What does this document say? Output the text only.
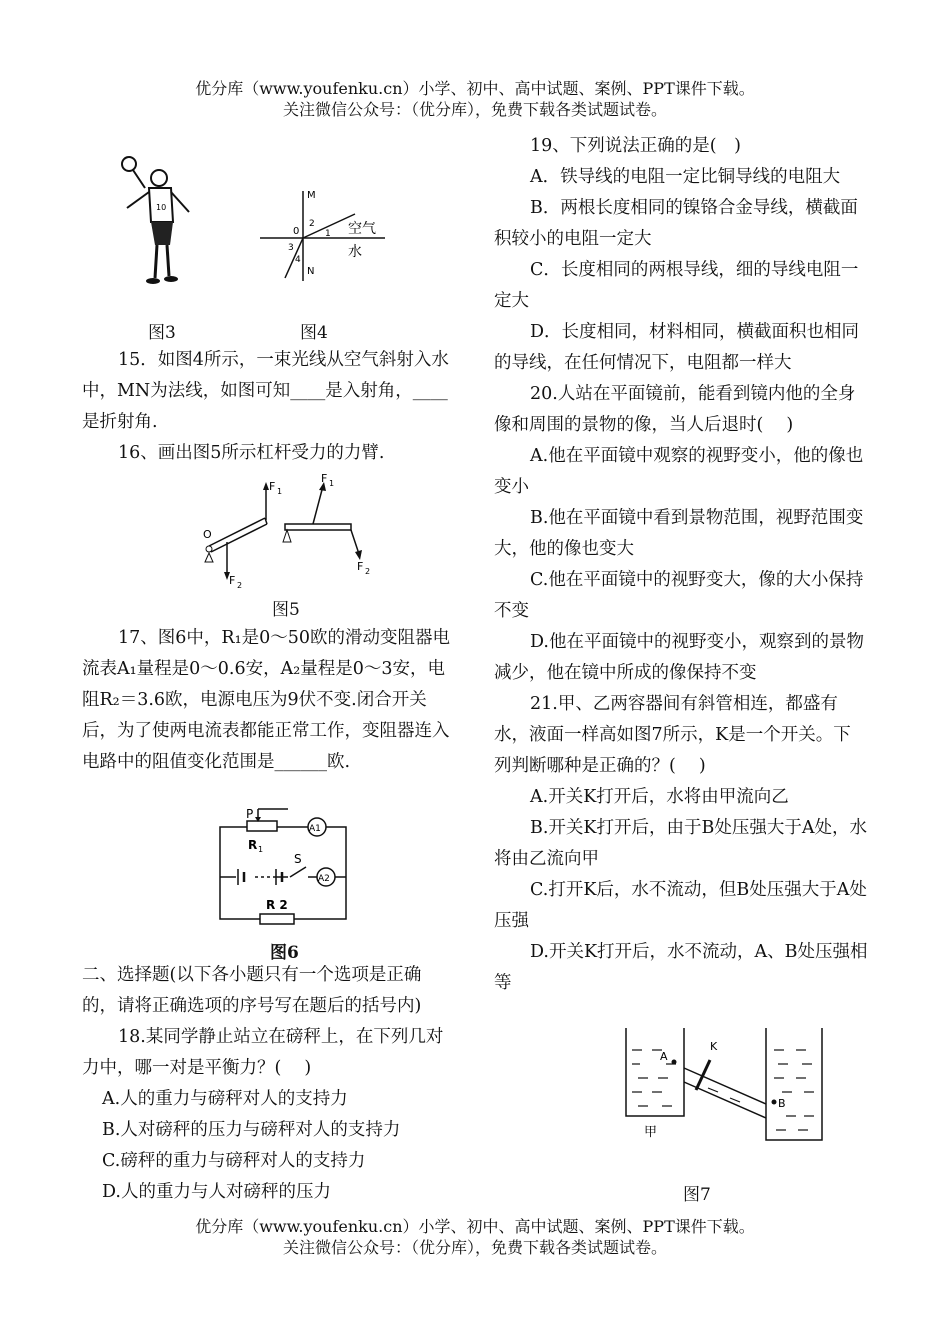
优分库（www.youfenku.cn）小学、初中、高中试题、案例、PPT课件下载。
关注微信公众号：（优分库），免费下载各类试题试卷。
10
M
N
0	1
2
3
4
空气
水
图3	图4

15．如图4所示，一束光线从空气斜射入水中，MN为法线，如图可知____是入射角，____是折射角.

16、画出图5所示杠杆受力的力臂.

O
F 1
F 2
F 1
F 2
图5

17、图6中，R₁是0～50欧的滑动变阻器电流表A₁量程是0～0.6安，A₂量程是0～3安，电阻R₂＝3.6欧，电源电压为9伏不变.闭合开关后，为了使两电流表都能正常工作，变阻器连入电路中的阻值变化范围是______欧.

P
R 1
A1
S
A2
R 2
图6

二、选择题(以下各小题只有一个选项是正确的，请将正确选项的序号写在题后的括号内)

18.某同学静止站立在磅秤上，在下列几对力中，哪一对是平衡力？(　 )

A.人的重力与磅秤对人的支持力

B.人对磅秤的压力与磅秤对人的支持力

C.磅秤的重力与磅秤对人的支持力

D.人的重力与人对磅秤的压力

19、下列说法正确的是(　)

A．铁导线的电阻一定比铜导线的电阻大

B．两根长度相同的镍铬合金导线，横截面积较小的电阻一定大

C．长度相同的两根导线，细的导线电阻一定大

D．长度相同，材料相同，横截面积也相同的导线，在任何情况下，电阻都一样大

20.人站在平面镜前，能看到镜内他的全身像和周围的景物的像，当人后退时(　 )

A.他在平面镜中观察的视野变小，他的像也变小

B.他在平面镜中看到景物范围，视野范围变大，他的像也变大

C.他在平面镜中的视野变大，像的大小保持不变

D.他在平面镜中的视野变小，观察到的景物减少，他在镜中所成的像保持不变

21.甲、乙两容器间有斜管相连，都盛有水，液面一样高如图7所示，K是一个开关。下列判断哪种是正确的？(　 )

A.开关K打开后，水将由甲流向乙

B.开关K打开后，由于B处压强大于A处，水将由乙流向甲

C.打开K后，水不流动，但B处压强大于A处压强

D.开关K打开后，水不流动，A、B处压强相等

A
B
K
甲
图7
优分库（www.youfenku.cn）小学、初中、高中试题、案例、PPT课件下载。
关注微信公众号：（优分库），免费下载各类试题试卷。
